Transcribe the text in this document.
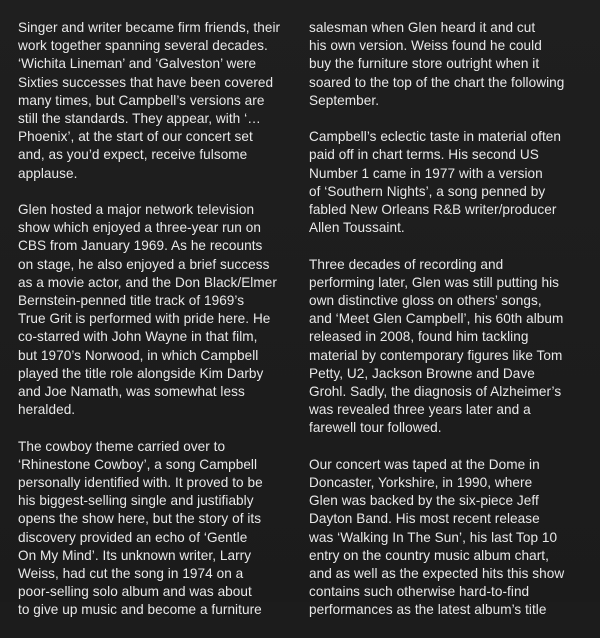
Singer and writer became firm friends, their
work together spanning several decades.
‘Wichita Lineman’ and ‘Galveston’ were
Sixties successes that have been covered
many times, but Campbell’s versions are
still the standards. They appear, with ‘…
Phoenix’, at the start of our concert set
and, as you’d expect, receive fulsome
applause.

Glen hosted a major network television
show which enjoyed a three-year run on
CBS from January 1969. As he recounts
on stage, he also enjoyed a brief success
as a movie actor, and the Don Black/Elmer
Bernstein-penned title track of 1969’s
True Grit is performed with pride here. He
co-starred with John Wayne in that film,
but 1970’s Norwood, in which Campbell
played the title role alongside Kim Darby
and Joe Namath, was somewhat less
heralded.

The cowboy theme carried over to
‘Rhinestone Cowboy’, a song Campbell
personally identified with. It proved to be
his biggest-selling single and justifiably
opens the show here, but the story of its
discovery provided an echo of ‘Gentle
On My Mind’. Its unknown writer, Larry
Weiss, had cut the song in 1974 on a
poor-selling solo album and was about
to give up music and become a furniture

salesman when Glen heard it and cut
his own version. Weiss found he could
buy the furniture store outright when it
soared to the top of the chart the following
September.

Campbell’s eclectic taste in material often
paid off in chart terms. His second US
Number 1 came in 1977 with a version
of ‘Southern Nights’, a song penned by
fabled New Orleans R&B writer/producer
Allen Toussaint.

Three decades of recording and
performing later, Glen was still putting his
own distinctive gloss on others’ songs,
and ‘Meet Glen Campbell’, his 60th album
released in 2008, found him tackling
material by contemporary figures like Tom
Petty, U2, Jackson Browne and Dave
Grohl. Sadly, the diagnosis of Alzheimer’s
was revealed three years later and a
farewell tour followed.

Our concert was taped at the Dome in
Doncaster, Yorkshire, in 1990, where
Glen was backed by the six-piece Jeff
Dayton Band. His most recent release
was ‘Walking In The Sun’, his last Top 10
entry on the country music album chart,
and as well as the expected hits this show
contains such otherwise hard-to-find
performances as the latest album’s title
